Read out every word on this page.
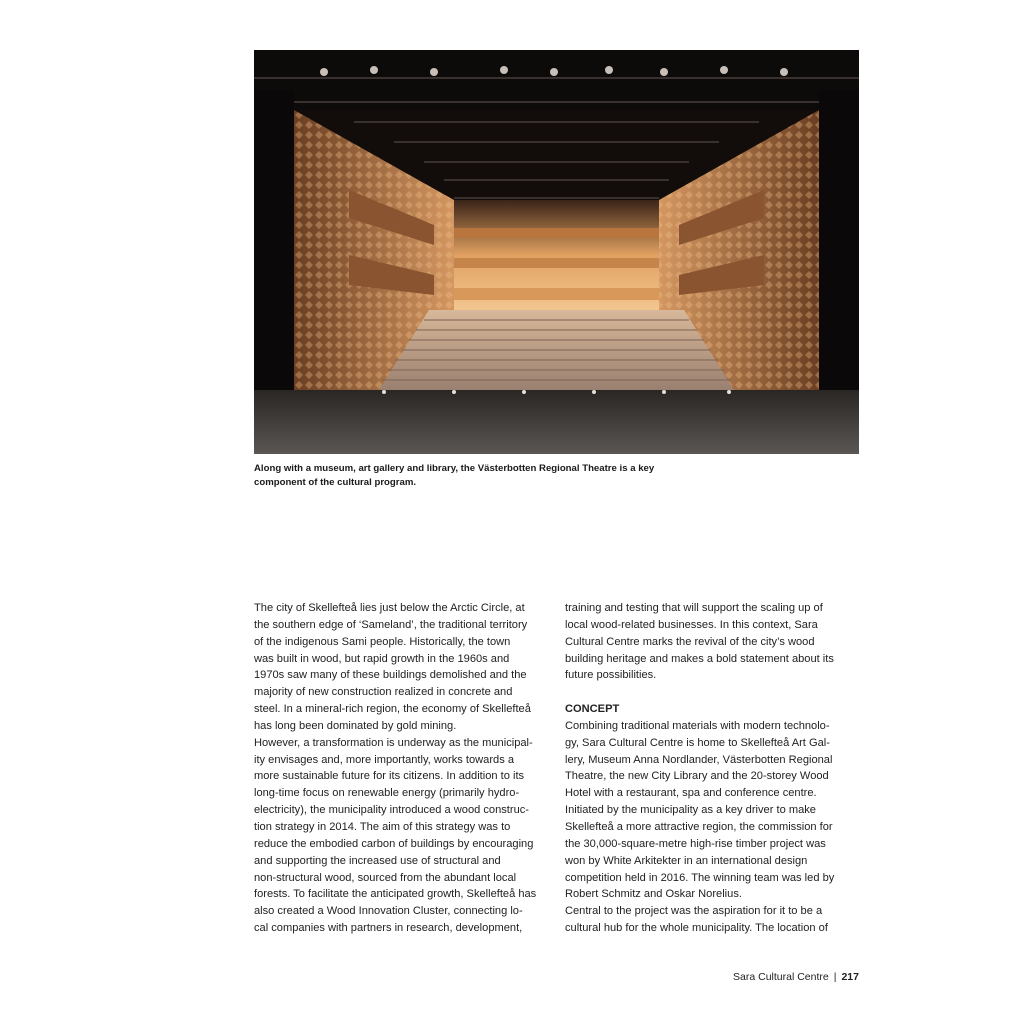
Along with a museum, art gallery and library, the Västerbotten Regional Theatre is a key
component of the cultural program.
The city of Skellefteå lies just below the Arctic Circle, at
the southern edge of ‘Sameland’, the traditional territory
of the indigenous Sami people. Historically, the town
was built in wood, but rapid growth in the 1960s and
1970s saw many of these buildings demolished and the
majority of new construction realized in concrete and
steel. In a mineral-rich region, the economy of Skellefteå
has long been dominated by gold mining.
However, a transformation is underway as the municipal-
ity envisages and, more importantly, works towards a
more sustainable future for its citizens. In addition to its
long-time focus on renewable energy (primarily hydro-
electricity), the municipality introduced a wood construc-
tion strategy in 2014. The aim of this strategy was to
reduce the embodied carbon of buildings by encouraging
and supporting the increased use of structural and
non-structural wood, sourced from the abundant local
forests. To facilitate the anticipated growth, Skellefteå has
also created a Wood Innovation Cluster, connecting lo-
cal companies with partners in research, development,
training and testing that will support the scaling up of
local wood-related businesses. In this context, Sara
Cultural Centre marks the revival of the city’s wood
building heritage and makes a bold statement about its
future possibilities.
CONCEPT
Combining traditional materials with modern technolo-
gy, Sara Cultural Centre is home to Skellefteå Art Gal-
lery, Museum Anna Nordlander, Västerbotten Regional
Theatre, the new City Library and the 20-storey Wood
Hotel with a restaurant, spa and conference centre.
Initiated by the municipality as a key driver to make
Skellefteå a more attractive region, the commission for
the 30,000-square-metre high-rise timber project was
won by White Arkitekter in an international design
competition held in 2016. The winning team was led by
Robert Schmitz and Oskar Norelius.
Central to the project was the aspiration for it to be a
cultural hub for the whole municipality. The location of
Sara Cultural Centre | 217
